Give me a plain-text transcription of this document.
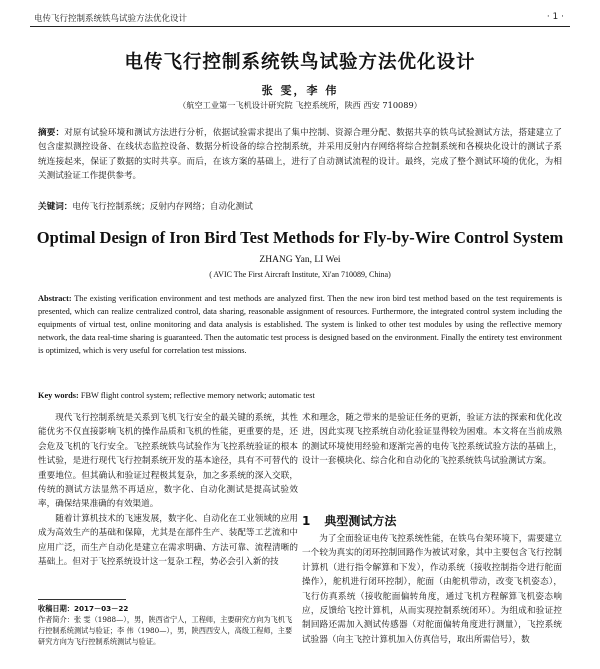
电传飞行控制系统铁鸟试验方法优化设计	· 1 ·
电传飞行控制系统铁鸟试验方法优化设计
张 雯，李 伟
（航空工业第一飞机设计研究院 飞控系统所，陕西 西安 710089）
摘要：对原有试验环境和测试方法进行分析，依据试验需求提出了集中控制、资源合理分配、数据共享的铁鸟试验测试方法，搭建建立了包含虚拟测控设备、在线状态监控设备、数据分析设备的综合控制系统，并采用反射内存网络将综合控制系统和各模块化设计的测试子系统连接起来，保证了数据的实时共享。而后，在该方案的基础上，进行了自动测试流程的设计。最终，完成了整个测试环境的优化，为相关测试验证工作提供参考。
关键词：电传飞行控制系统；反射内存网络；自动化测试
Optimal Design of Iron Bird Test Methods for Fly-by-Wire Control System
ZHANG Yan, LI Wei
( AVIC The First Aircraft Institute, Xi'an 710089, China)
Abstract: The existing verification environment and test methods are analyzed first. Then the new iron bird test method based on the test requirements is presented, which can realize centralized control, data sharing, reasonable assignment of resources. Furthermore, the integrated control system including the equipments of virtual test, online monitoring and data analysis is established. The system is linked to other test modules by using the reflective memory network, the data real-time sharing is guaranteed. Then the automatic test process is designed based on the environment. Finally the entirety test environment is optimized, which is very useful for correlation test missions.
Key words: FBW flight control system; reflective memory network; automatic test

现代飞行控制系统是关系到飞机飞行安全的最关键的系统，其性能优劣不仅直接影响飞机的操作品质和飞机的性能，更重要的是，还会危及飞机的飞行安全。飞控系统铁鸟试验作为飞控系统验证的根本性试验，是进行现代飞行控制系统开发的基本途径，具有不可替代的重要地位。但其确认和验证过程极其复杂，加之多系统的深入交联，传统的测试方法显然不再适应，数字化、自动化测试是提高试验效率，确保结果准确的有效渠道。

随着计算机技术的飞速发展，数字化、自动化在工业领域的应用成为高效生产的基础和保障，尤其是在部件生产、装配等工艺流和中应用广泛，而生产自动化是建立在需求明确、方法可靠、流程清晰的基础上。但对于飞控系统设计这一复杂工程，势必会引入新的技

收稿日期：2017－03－22
作者简介：张 雯（1988—），男，陕西省宁人，工程师，主要研究方向为飞机飞行控制系统测试与验证；李 伟（1980—），男，陕西西安人，高级工程师，主要研究方向为飞行控制系统测试与验证。

术和理念，随之带来的是验证任务的更新，验证方法的探索和优化改进，因此实现飞控系统自动化验证显得较为困难。本文将在当前成熟的测试环境使用经验和逐渐完善的电传飞控系统试验方法的基础上，设计一套模块化、综合化和自动化的飞控系统铁鸟试验测试方案。

1 典型测试方法

为了全面验证电传飞控系统性能，在铁鸟台架环境下，需要建立一个较为真实的闭环控制回路作为被试对象，其中主要包含飞行控制计算机（进行指令解算和下发），作动系统（接收控制指令进行舵面操作），舵机进行闭环控制），舵面（由舵机带动，改变飞机姿态），飞行仿真系统（接收舵面偏转角度，通过飞机方程解算飞机姿态响应，反馈给飞控计算机，从而实现控制系统闭环）。为组成和验证控制回路还需加入测试传感器（对舵面偏转角度进行测量），飞控系统试验器（向主飞控计算机加入仿真信号，取出所需信号），数
